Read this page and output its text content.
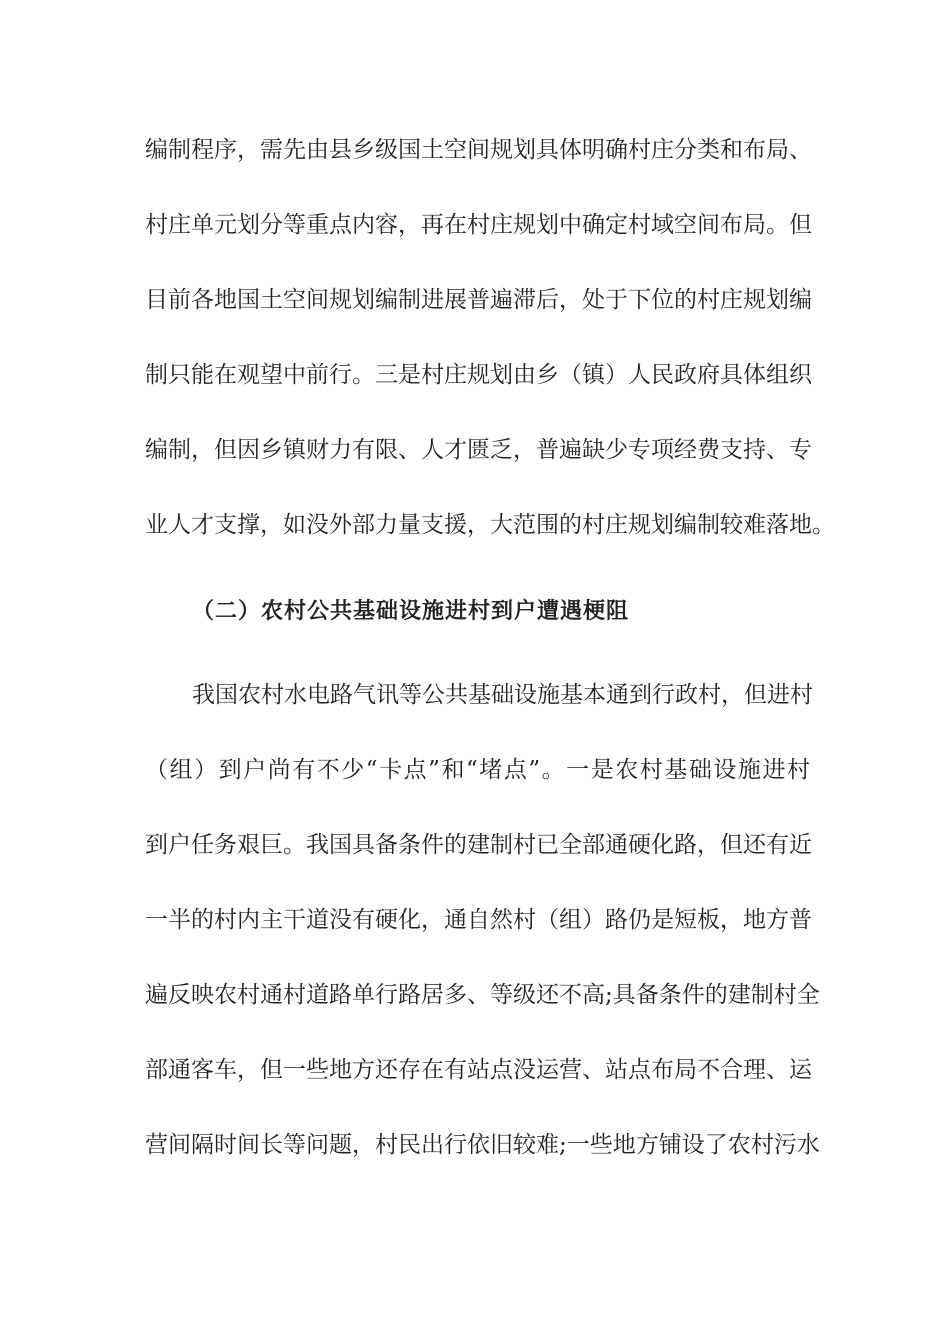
编制程序，需先由县乡级国土空间规划具体明确村庄分类和布局、
村庄单元划分等重点内容，再在村庄规划中确定村域空间布局。但
目前各地国土空间规划编制进展普遍滞后，处于下位的村庄规划编
制只能在观望中前行。三是村庄规划由乡（镇）人民政府具体组织
编制，但因乡镇财力有限、人才匮乏，普遍缺少专项经费支持、专
业人才支撑，如没外部力量支援，大范围的村庄规划编制较难落地。
（二）农村公共基础设施进村到户遭遇梗阻
我国农村水电路气讯等公共基础设施基本通到行政村，但进村
（组）到户尚有不少“卡点”和“堵点”。一是农村基础设施进村
到户任务艰巨。我国具备条件的建制村已全部通硬化路，但还有近
一半的村内主干道没有硬化，通自然村（组）路仍是短板，地方普
遍反映农村通村道路单行路居多、等级还不高;具备条件的建制村全
部通客车，但一些地方还存在有站点没运营、站点布局不合理、运
营间隔时间长等问题，村民出行依旧较难;一些地方铺设了农村污水
